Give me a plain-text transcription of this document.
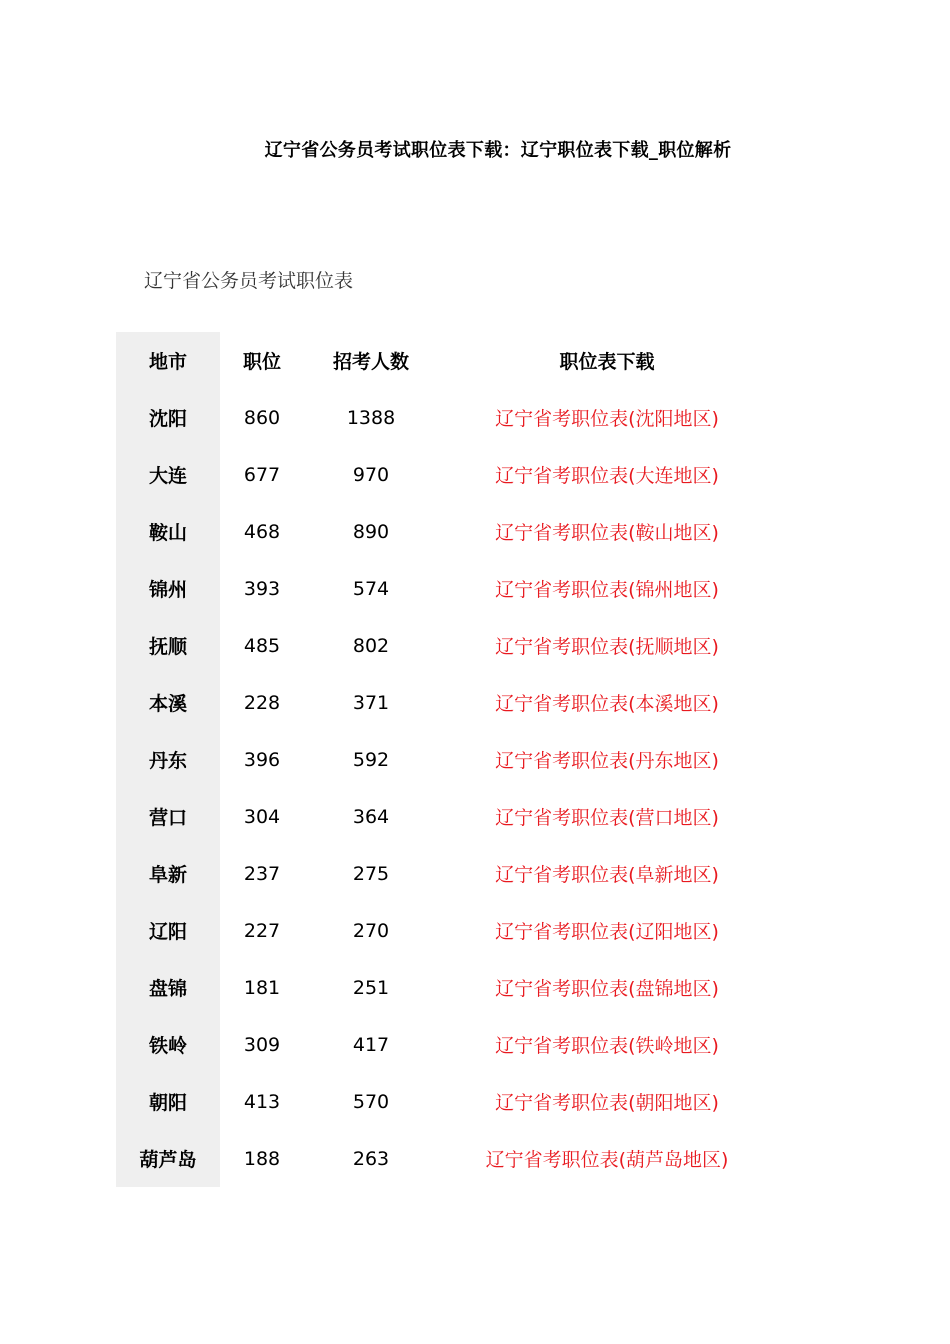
辽宁省公务员考试职位表下载：辽宁职位表下载_职位解析
辽宁省公务员考试职位表
地市	职位	招考人数	职位表下载
沈阳	860	1388	辽宁省考职位表(沈阳地区)
大连	677	970	辽宁省考职位表(大连地区)
鞍山	468	890	辽宁省考职位表(鞍山地区)
锦州	393	574	辽宁省考职位表(锦州地区)
抚顺	485	802	辽宁省考职位表(抚顺地区)
本溪	228	371	辽宁省考职位表(本溪地区)
丹东	396	592	辽宁省考职位表(丹东地区)
营口	304	364	辽宁省考职位表(营口地区)
阜新	237	275	辽宁省考职位表(阜新地区)
辽阳	227	270	辽宁省考职位表(辽阳地区)
盘锦	181	251	辽宁省考职位表(盘锦地区)
铁岭	309	417	辽宁省考职位表(铁岭地区)
朝阳	413	570	辽宁省考职位表(朝阳地区)
葫芦岛	188	263	辽宁省考职位表(葫芦岛地区)
